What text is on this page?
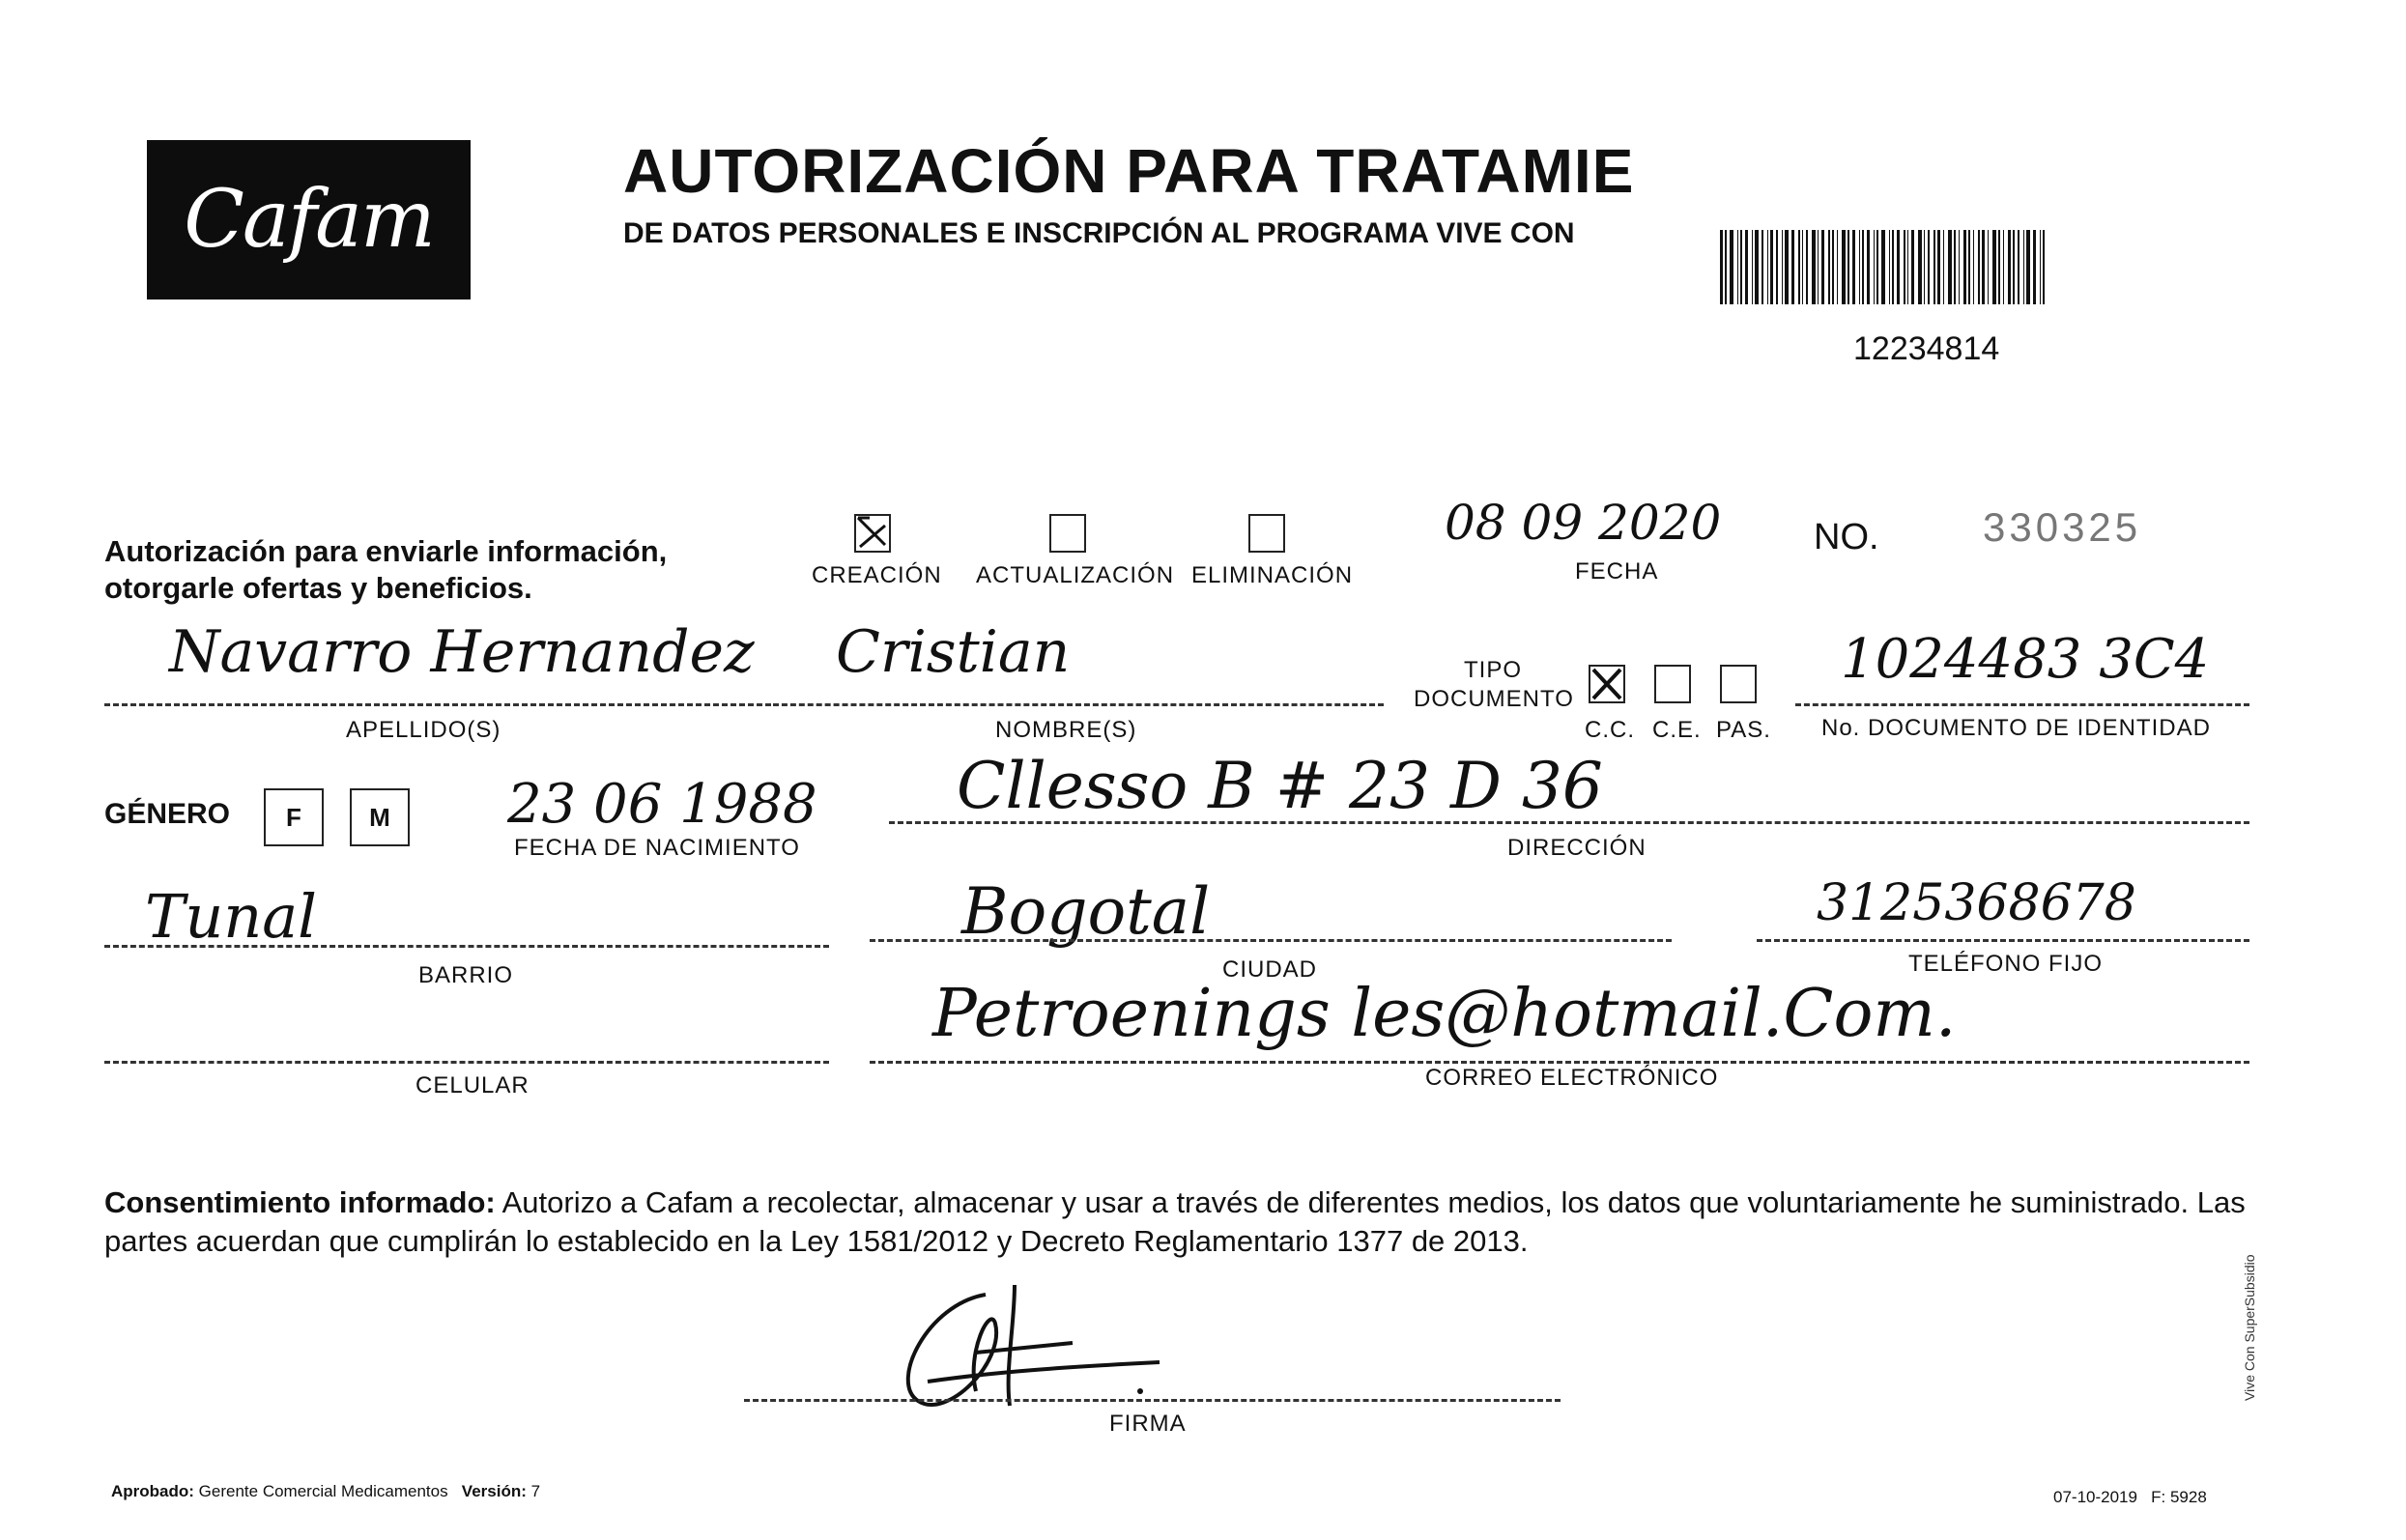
Cafam
AUTORIZACIÓN PARA TRATAMIE
DE DATOS PERSONALES E INSCRIPCIÓN AL PROGRAMA VIVE CON
12234814
Autorización para enviarle información,
otorgarle ofertas y beneficios.	CREACIÓN ACTUALIZACIÓN ELIMINACIÓN
08 09 2020
FECHA
NO.	330325
Navarro Hernandez
APELLIDO(S)
Cristian
NOMBRE(S)
TIPO
DOCUMENTO
C.C. C.E. PAS.
1024483 3C4
No. DOCUMENTO DE IDENTIDAD
GÉNERO	F	M	23 06 1988
FECHA DE NACIMIENTO
Cllesso B # 23 D 36
DIRECCIÓN
Tunal
BARRIO
Bogotal
CIUDAD
3125368678
TELÉFONO FIJO
CELULAR
Petroenings les@hotmail.Com.
CORREO ELECTRÓNICO
Consentimiento informado: Autorizo a Cafam a recolectar, almacenar y usar a través de diferentes medios, los datos que voluntariamente he suministrado. Las partes acuerdan que cumplirán lo establecido en la Ley 1581/2012 y Decreto Reglamentario 1377 de 2013.
FIRMA
Aprobado: Gerente Comercial Medicamentos Versión: 7	07-10-2019 F: 5928
Vive Con SuperSubsidio
